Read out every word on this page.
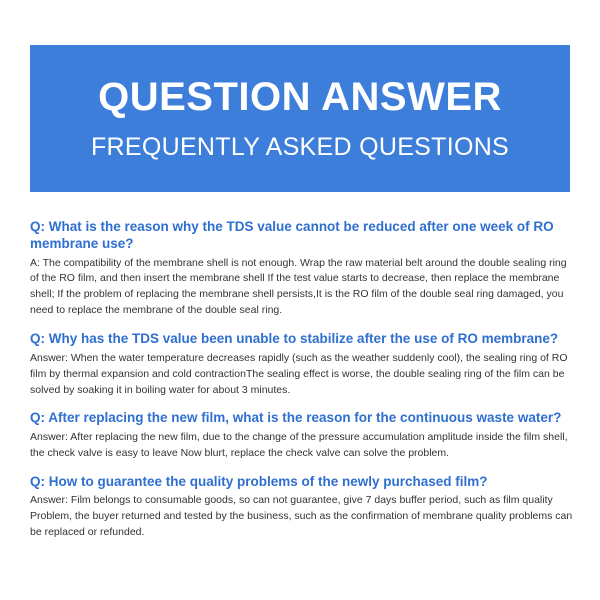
QUESTION ANSWER
FREQUENTLY ASKED QUESTIONS

Q: What is the reason why the TDS value cannot be reduced after one week of RO membrane use?

A: The compatibility of the membrane shell is not enough. Wrap the raw material belt around the double sealing ring of the RO film, and then insert the membrane shell If the test value starts to decrease, then replace the membrane shell; If the problem of replacing the membrane shell persists,It is the RO film of the double seal ring damaged, you need to replace the membrane of the double seal ring.

Q: Why has the TDS value been unable to stabilize after the use of RO membrane?

Answer: When the water temperature decreases rapidly (such as the weather suddenly cool), the sealing ring of RO film by thermal expansion and cold contractionThe sealing effect is worse, the double sealing ring of the film can be solved by soaking it in boiling water for about 3 minutes.

Q: After replacing the new film, what is the reason for the continuous waste water?

Answer: After replacing the new film, due to the change of the pressure accumulation amplitude inside the film shell, the check valve is easy to leave Now blurt, replace the check valve can solve the problem.

Q: How to guarantee the quality problems of the newly purchased film?

Answer: Film belongs to consumable goods, so can not guarantee, give 7 days buffer period, such as film quality Problem, the buyer returned and tested by the business, such as the confirmation of membrane quality problems can be replaced or refunded.
